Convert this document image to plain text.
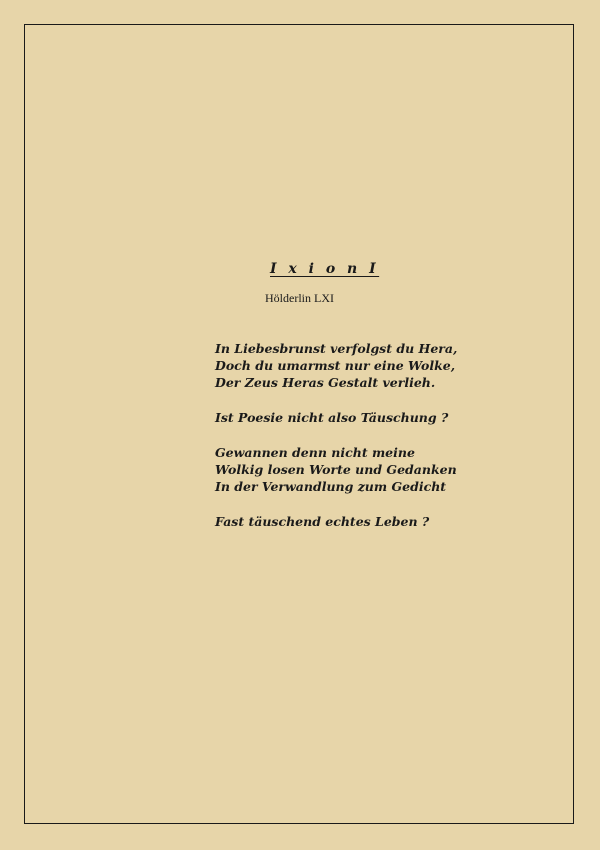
I x i o n I
Hölderlin LXI
In Liebesbrunst verfolgst du Hera,
Doch du umarmst nur eine Wolke,
Der Zeus Heras Gestalt verlieh.
Ist Poesie nicht also Täuschung ?
Gewannen denn nicht meine
Wolkig losen Worte und Gedanken
In der Verwandlung zum Gedicht
Fast täuschend echtes Leben ?
